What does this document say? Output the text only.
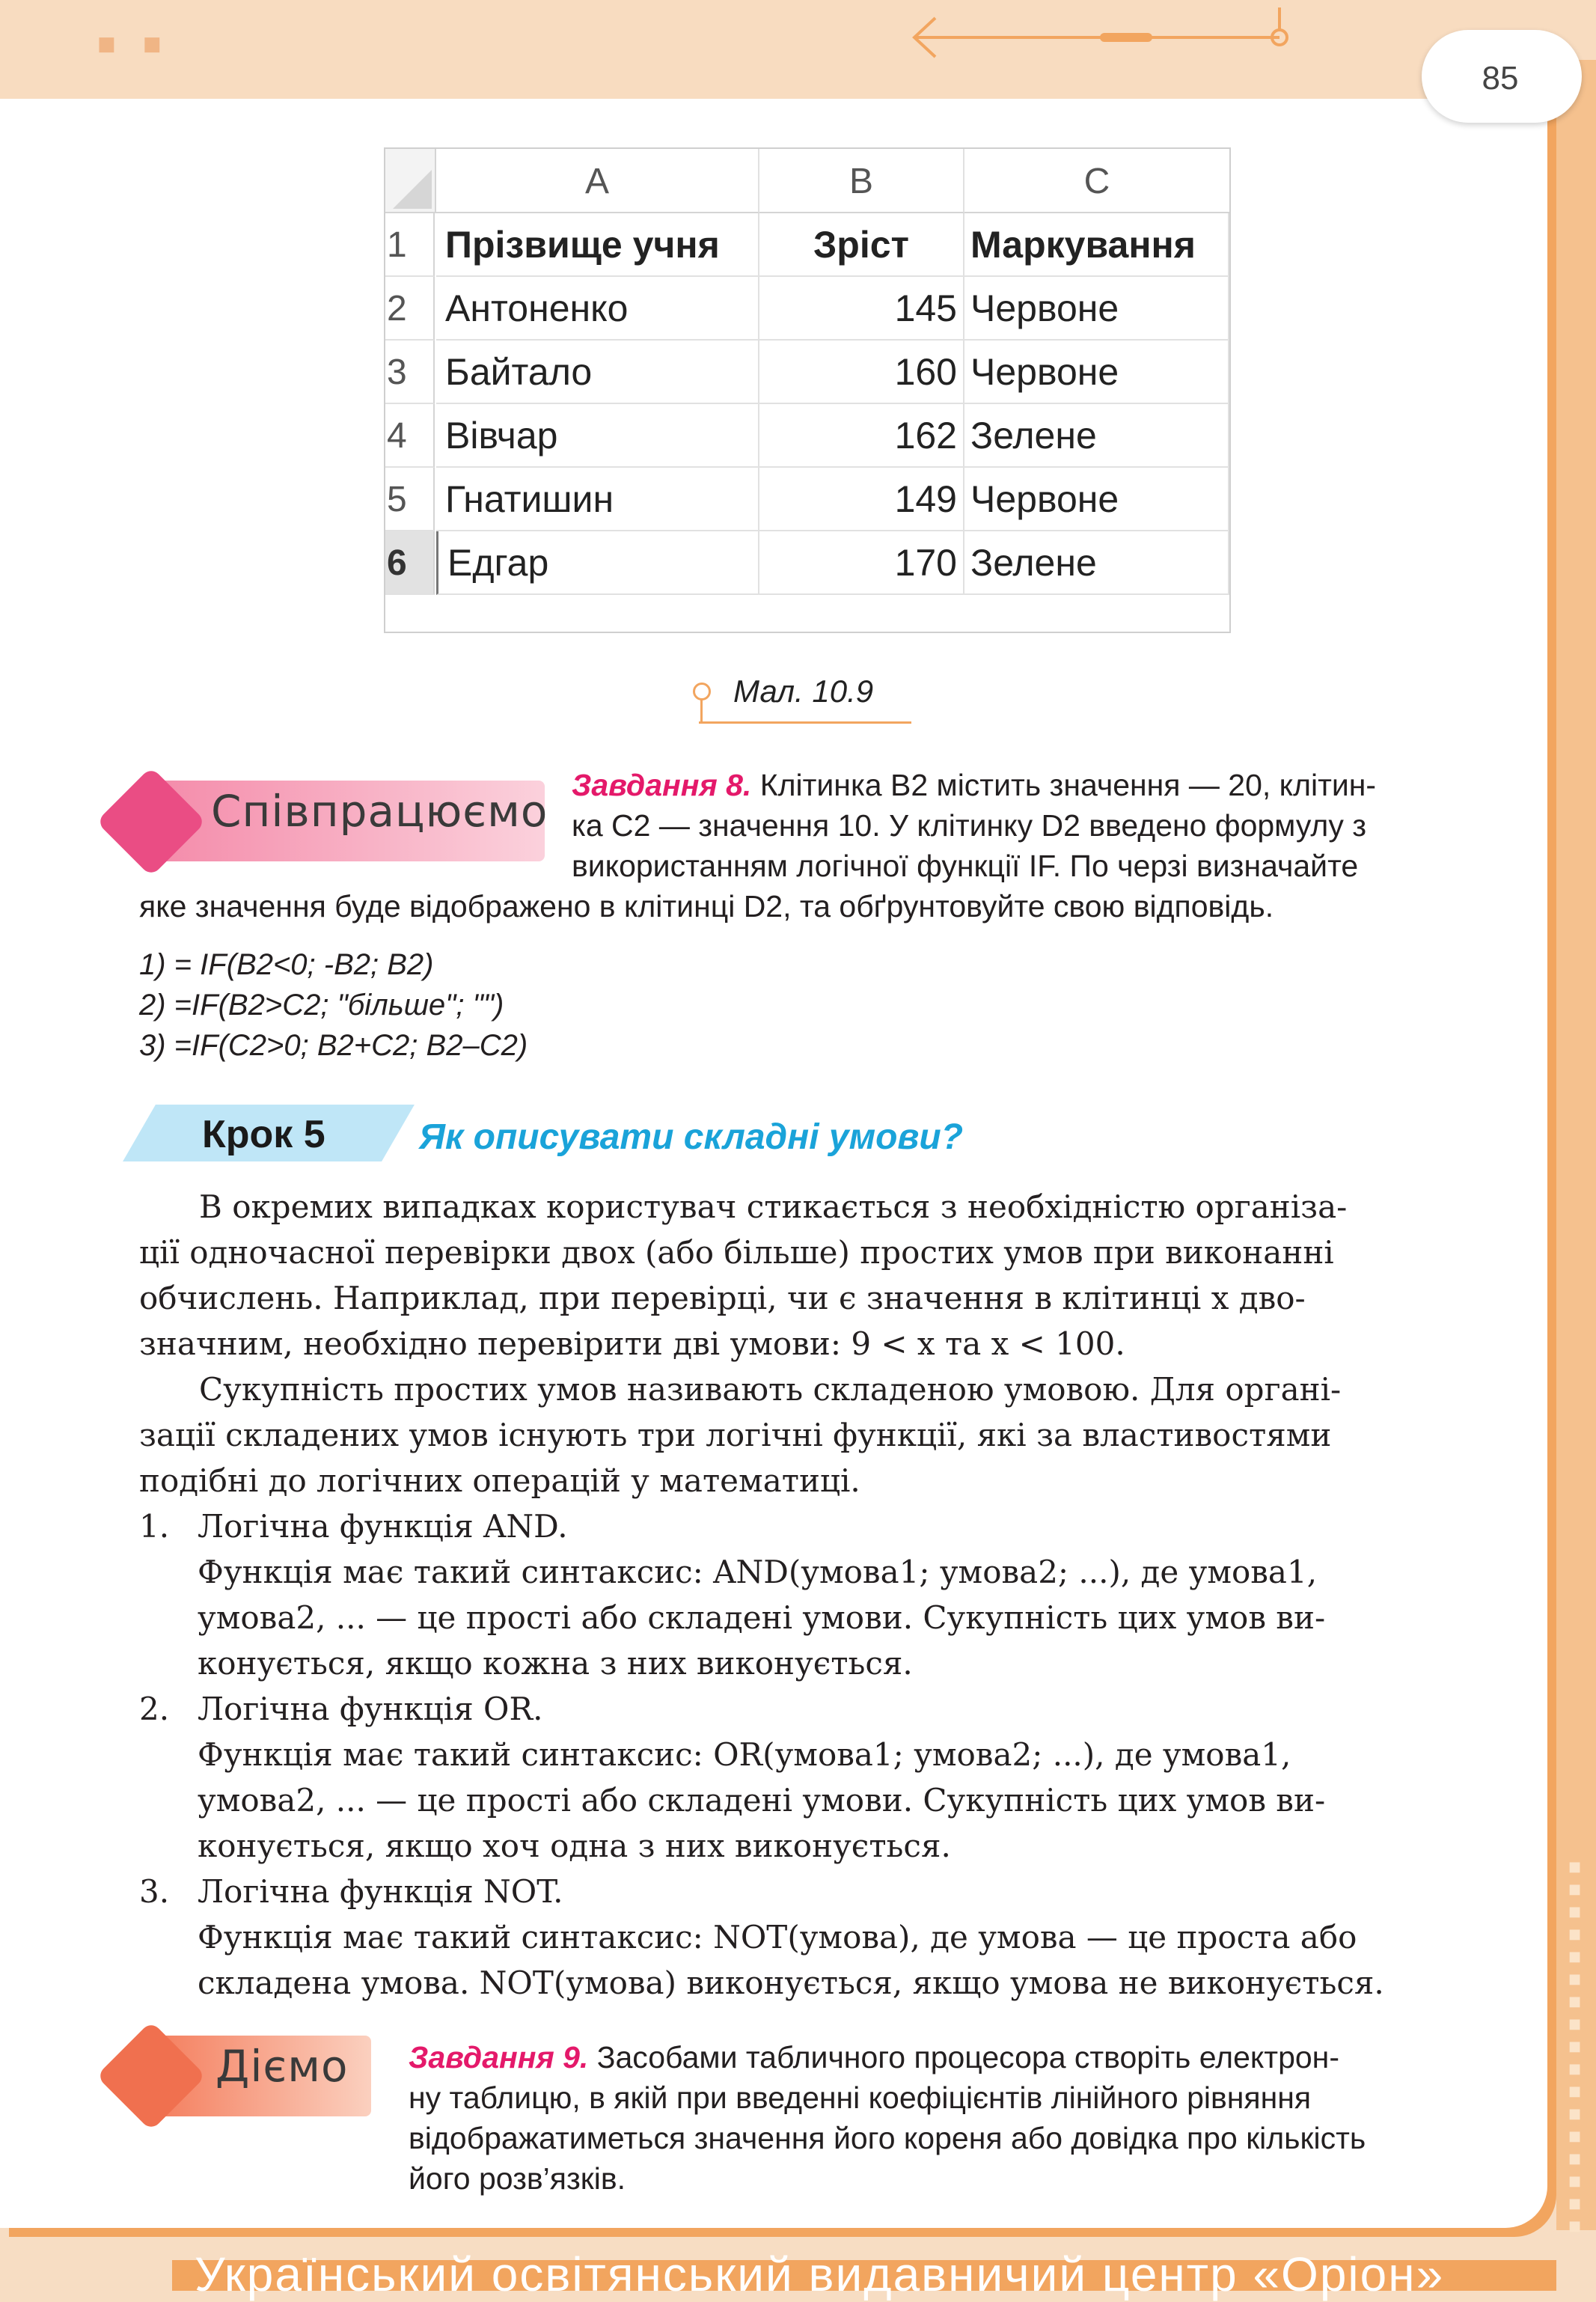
■ ■
■
■
■
■
■
■
■
■
■
■
■
■
■
■
■
■
■
85
A	B	C
1	Прізвище учня	Зріст	Маркування
2	Антоненко	145 Червоне
3	Байтало	160 Червоне
4	Вівчар	162 Зелене
5	Гнатишин	149 Червоне
6	Едгар	170 Зелене
Мал. 10.9
Співпрацюємо
Завдання 8. Клітинка B2 містить значення — 20, клітин-
ка C2 — значення 10. У клітинку D2 введено формулу з
використанням логічної функції IF. По черзі визначайте
яке значення буде відображено в клітинці D2, та обґрунтовуйте свою відповідь.
1) = IF(B2<0; -B2; B2)
2) =IF(B2>C2; "більше"; "")
3) =IF(C2>0; B2+C2; B2–C2)
Крок 5	Як описувати складні умови?
В окремих випадках користувач стикається з необхідністю організа-
ції одночасної перевірки двох (або більше) простих умов при виконанні
обчислень. Наприклад, при перевірці, чи є значення в клітинці x дво-
значним, необхідно перевірити дві умови: 9 < x та x < 100.
Сукупність простих умов називають складеною умовою. Для органі-
зації складених умов існують три логічні функції, які за властивостями
подібні до логічних операцій у математиці.
1. Логічна функція AND.
Функція має такий синтаксис: AND(умова1; умова2; ...), де умова1,
умова2, ... — це прості або складені умови. Сукупність цих умов ви-
конується, якщо кожна з них виконується.
2. Логічна функція OR.
Функція має такий синтаксис: OR(умова1; умова2; ...), де умова1,
умова2, ... — це прості або складені умови. Сукупність цих умов ви-
конується, якщо хоч одна з них виконується.
3. Логічна функція NOT.
Функція має такий синтаксис: NOT(умова), де умова — це проста або
складена умова. NOT(умова) виконується, якщо умова не виконується.
Діємо Завдання 9. Засобами табличного процесора створіть електрон-
ну таблицю, в якій при введенні коефіцієнтів лінійного рівняння
відображатиметься значення його кореня або довідка про кількість
його розв’язків.
Український освітянський видавничий центр «Оріон»
